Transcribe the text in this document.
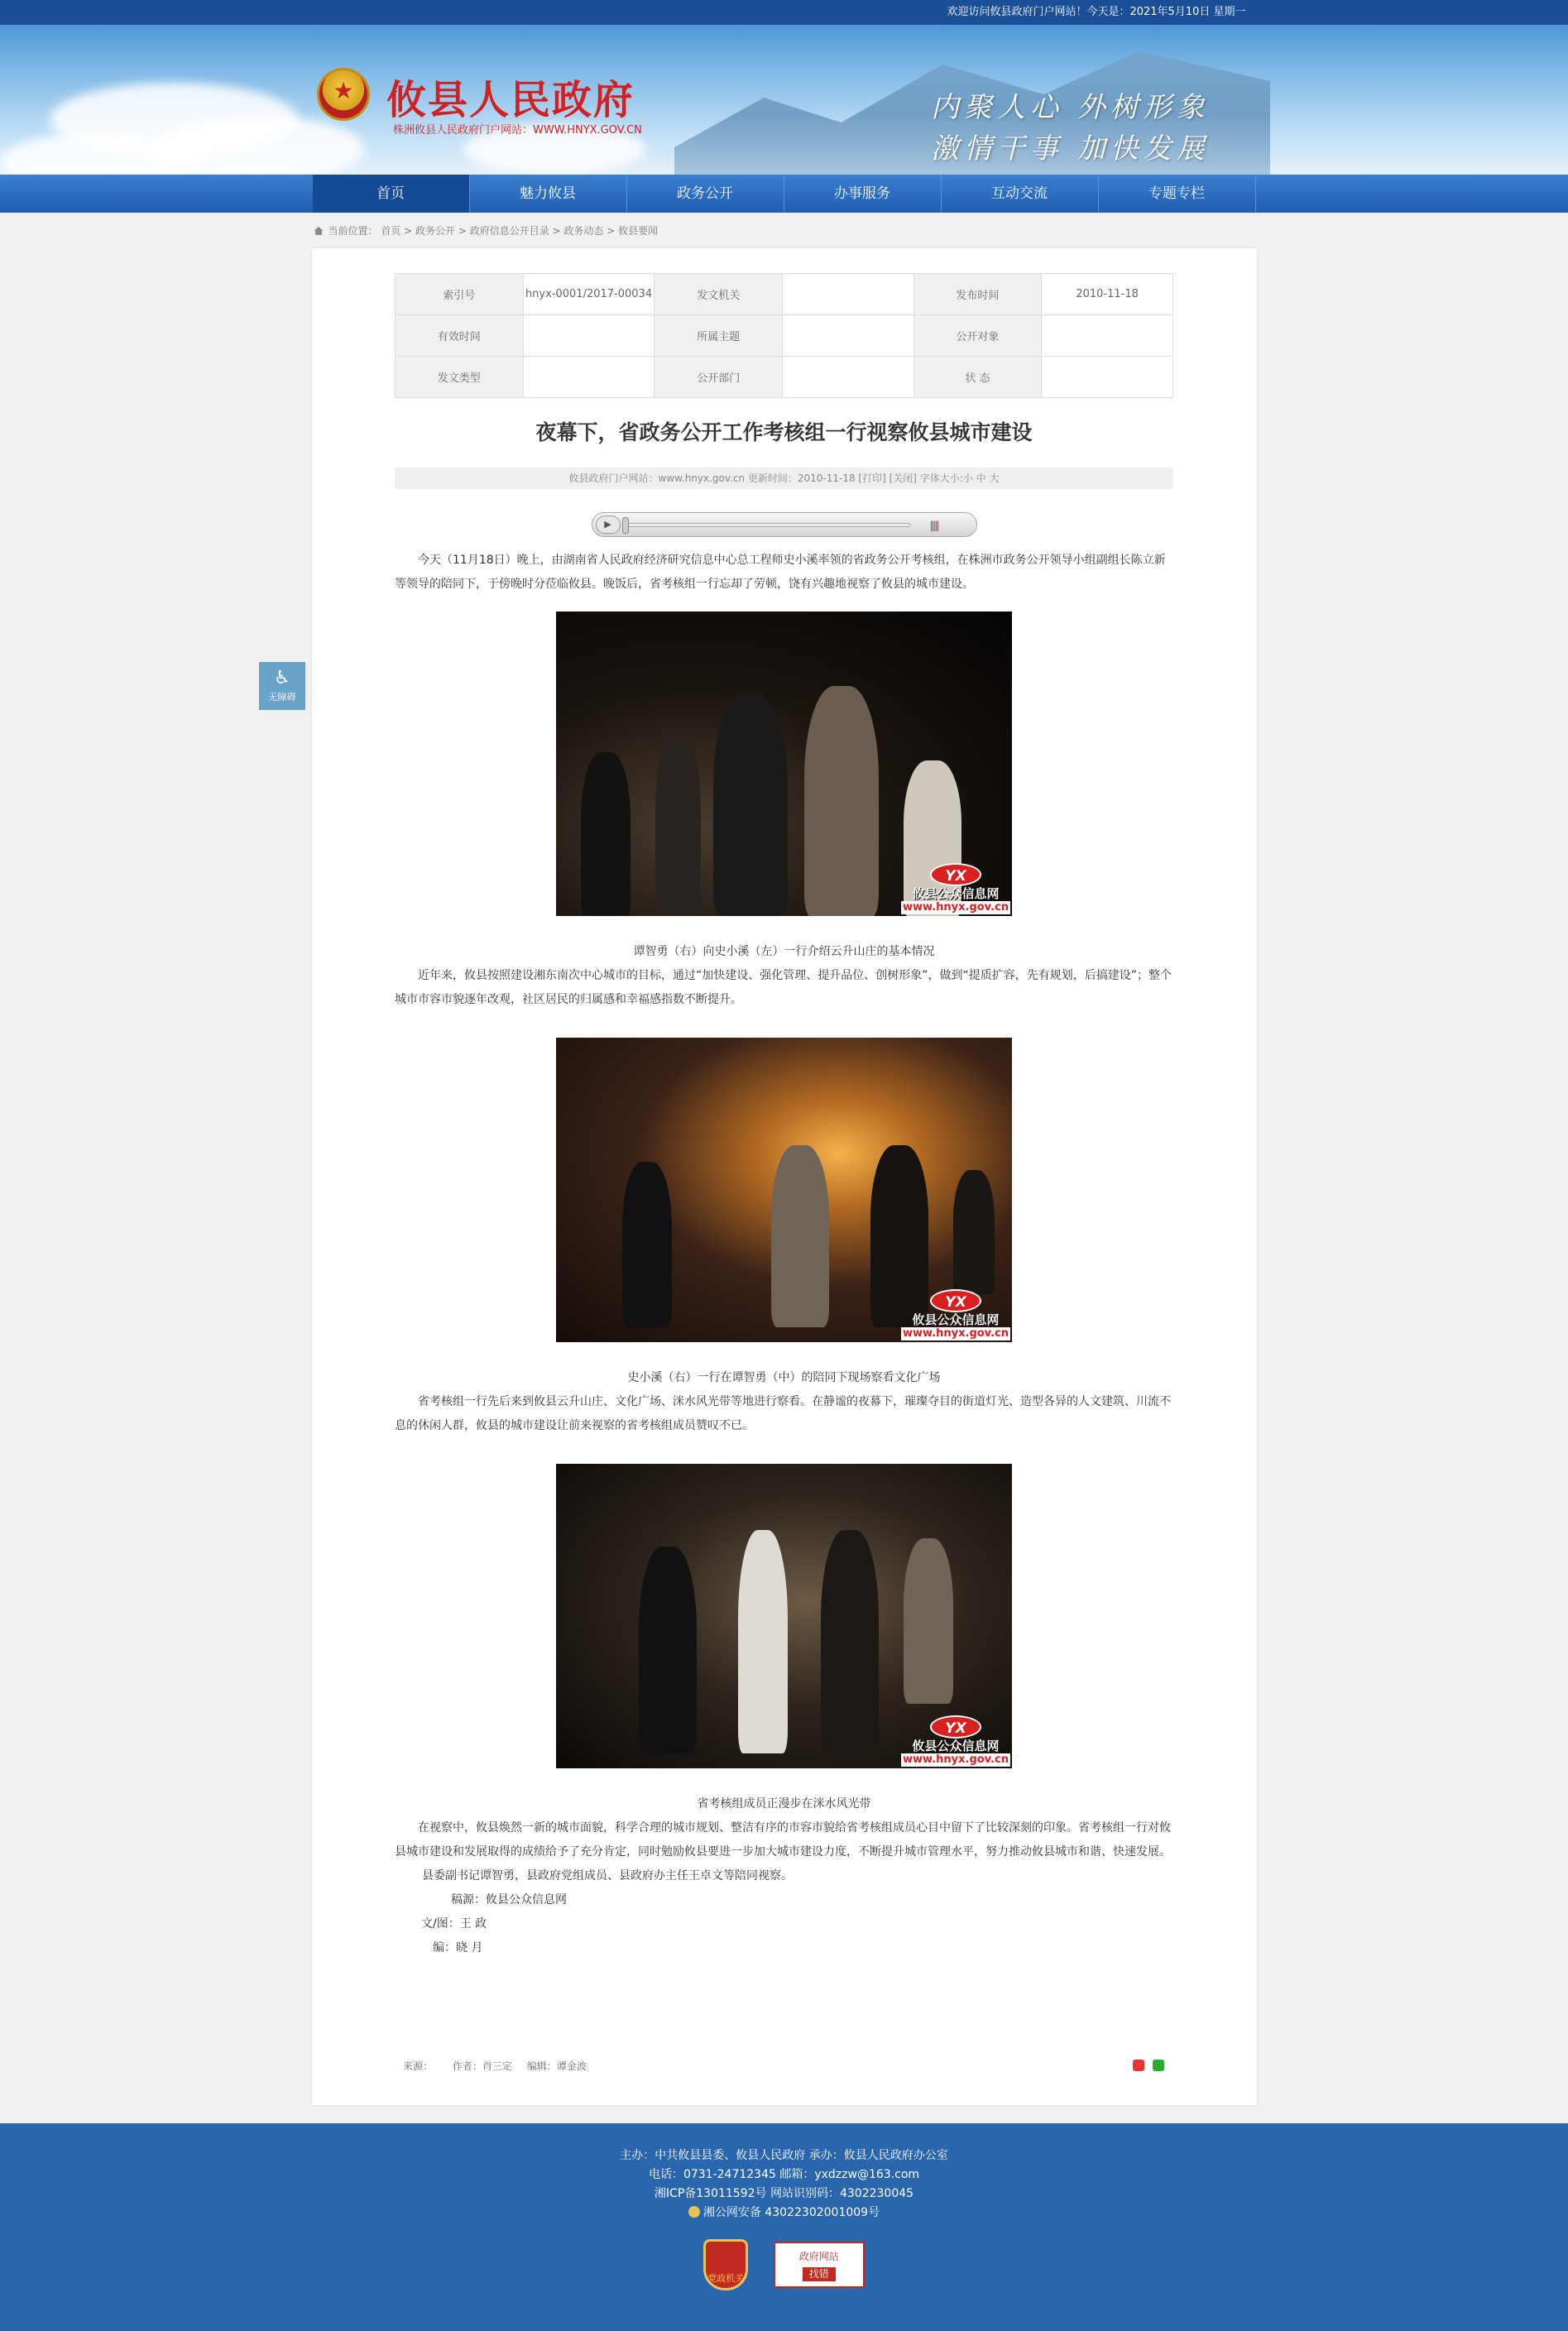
欢迎访问攸县政府门户网站！今天是：2021年5月10日 星期一
★
攸县人民政府
株洲攸县人民政府门户网站：WWW.HNYX.GOV.CN
内聚人心 外树形象
激情干事 加快发展
首页	魅力攸县	政务公开	办事服务	互动交流	专题专栏
当前位置： 首页 > 政务公开 > 政府信息公开目录 > 政务动态 > 攸县要闻
♿
无障碍
索引号	hnyx-0001/2017-00034	发文机关		发布时间	2010-11-18
有效时间		所属主题		公开对象	
发文类型		公开部门		状 态	
夜幕下，省政务公开工作考核组一行视察攸县城市建设
攸县政府门户网站：www.hnyx.gov.cn 更新时间：2010-11-18 [打印] [关闭] 字体大小:小 中 大
▶	|||||

今天（11月18日）晚上，由湖南省人民政府经济研究信息中心总工程师史小溪率领的省政务公开考核组，在株洲市政务公开领导小组副组长陈立新等领导的陪同下，于傍晚时分莅临攸县。晚饭后，省考核组一行忘却了劳顿，饶有兴趣地视察了攸县的城市建设。

YX
攸县公众信息网
www.hnyx.gov.cn
谭智勇（右）向史小溪（左）一行介绍云升山庄的基本情况

近年来，攸县按照建设湘东南次中心城市的目标，通过“加快建设、强化管理、提升品位、创树形象”，做到“提质扩容，先有规划，后搞建设”；整个城市市容市貌逐年改观，社区居民的归属感和幸福感指数不断提升。

YX
攸县公众信息网
www.hnyx.gov.cn
史小溪（右）一行在谭智勇（中）的陪同下现场察看文化广场

省考核组一行先后来到攸县云升山庄、文化广场、洣水风光带等地进行察看。在静谧的夜幕下，璀璨夺目的街道灯光、造型各异的人文建筑、川流不息的休闲人群，攸县的城市建设让前来视察的省考核组成员赞叹不已。

YX
攸县公众信息网
www.hnyx.gov.cn
省考核组成员正漫步在洣水风光带

在视察中，攸县焕然一新的城市面貌，科学合理的城市规划、整洁有序的市容市貌给省考核组成员心目中留下了比较深刻的印象。省考核组一行对攸县城市建设和发展取得的成绩给予了充分肯定，同时勉励攸县要进一步加大城市建设力度，不断提升城市管理水平，努力推动攸县城市和谐、快速发展。

县委副书记谭智勇，县政府党组成员、县政府办主任王卓文等陪同视察。

稿源：攸县公众信息网

文/图：王 政

编：晓 月

来源： 作者：肖三定 编辑：谭金波

主办：中共攸县县委、攸县人民政府 承办：攸县人民政府办公室
电话：0731-24712345 邮箱：yxdzzw@163.com
湘ICP备13011592号 网站识别码：4302230045
湘公网安备 43022302001009号
党政机关 政府网站
找错
